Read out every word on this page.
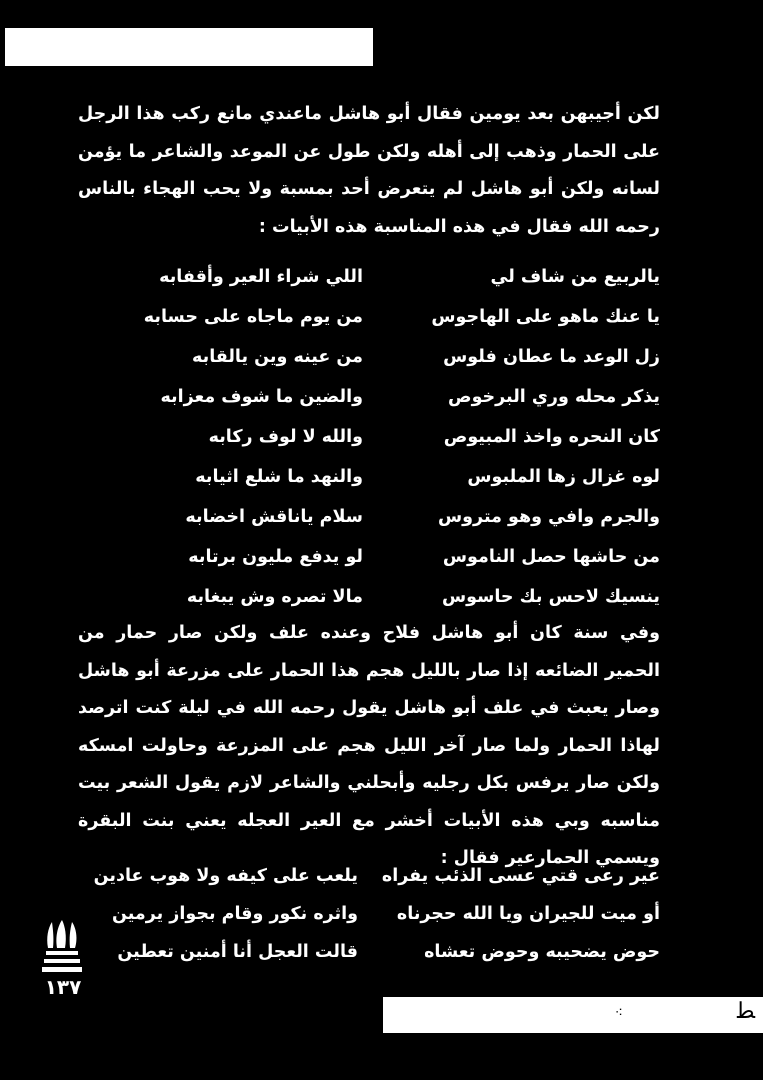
لكن أجيبهن بعد يومين فقال أبو هاشل ماعندي مانع ركب هذا الرجل على الحمار وذهب إلى أهله ولكن طول عن الموعد والشاعر ما يؤمن لسانه ولكن أبو هاشل لم يتعرض أحد بمسبة ولا يحب الهجاء بالناس رحمه الله فقال في هذه المناسبة هذه الأبيات :

يالربيع من شاف لي
اللي شراء العير وأقفابه
يا عنك ماهو على الهاجوس
من يوم ماجاه على حسابه
زل الوعد ما عطان فلوس
من عينه وين يالقابه
يذكر محله وري البرخوص
والضين ما شوف معزابه
كان النحره واخذ المبيوص
والله لا لوف ركابه
لوه غزال زها الملبوس
والنهد ما شلع اثيابه
والجرم وافي وهو متروس
سلام ياناقش اخضابه
من حاشها حصل الناموس
لو يدفع مليون برتابه
ينسيك لاحس بك حاسوس
مالا تصره وش يبغابه

وفي سنة كان أبو هاشل فلاح وعنده علف ولكن صار حمار من الحمير الضائعه إذا صار بالليل هجم هذا الحمار على مزرعة أبو هاشل وصار يعبث في علف أبو هاشل يقول رحمه الله في ليلة كنت اترصد لهاذا الحمار ولما صار آخر الليل هجم على المزرعة وحاولت امسكه ولكن صار يرفس بكل رجليه وأبحلني والشاعر لازم يقول الشعر بيت مناسبه وبي هذه الأبيات أخشر مع العير العجله يعني بنت البقرة ويسمي الحمارعير فقال :

عير رعى قتي عسى الذئب يفراه
يلعب على كيفه ولا هوب عادين
أو ميت للجيران ويا الله حجرناه
واثره نكور وقام بجواز يرمين
حوض يضحيبه وحوض تعشاه
قالت العجل أنا أمنين تعطين
١٣٧
⁖	ﻄ
